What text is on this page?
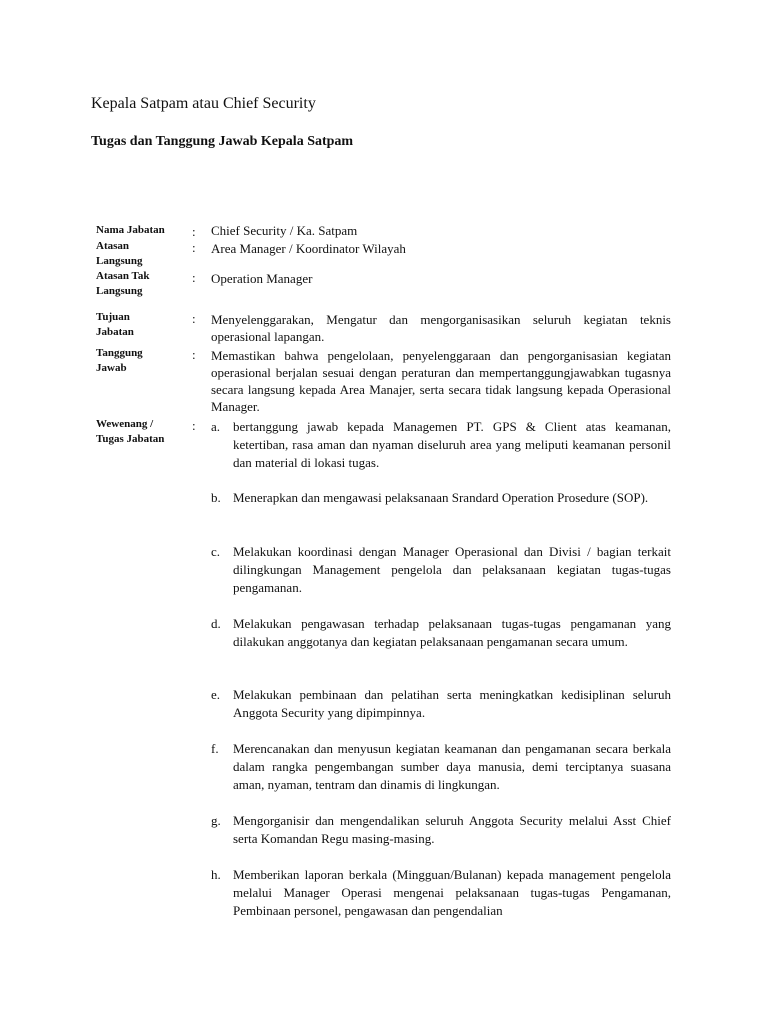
Kepala Satpam atau Chief Security
Tugas dan Tanggung Jawab Kepala Satpam
Nama Jabatan	: Chief Security / Ka. Satpam
Atasan
Langsung
: Area Manager / Koordinator Wilayah
Atasan Tak
Langsung
: Operation Manager
Tujuan
Jabatan
: Menyelenggarakan, Mengatur dan mengorganisasikan seluruh kegiatan teknis operasional lapangan.
Tanggung
Jawab
: Memastikan bahwa pengelolaan, penyelenggaraan dan pengorganisasian kegiatan operasional berjalan sesuai dengan peraturan dan mempertanggungjawabkan tugasnya secara langsung kepada Area Manajer, serta secara tidak langsung kepada Operasional Manager.
Wewenang /
Tugas Jabatan
: a. bertanggung jawab kepada Managemen PT. GPS & Client atas keamanan, ketertiban, rasa aman dan nyaman diseluruh area yang meliputi keamanan personil dan material di lokasi tugas.
b. Menerapkan dan mengawasi pelaksanaan Srandard Operation Prosedure (SOP).
c. Melakukan koordinasi dengan Manager Operasional dan Divisi / bagian terkait dilingkungan Management pengelola dan pelaksanaan kegiatan tugas-tugas pengamanan.
d. Melakukan pengawasan terhadap pelaksanaan tugas-tugas pengamanan yang dilakukan anggotanya dan kegiatan pelaksanaan pengamanan secara umum.
e. Melakukan pembinaan dan pelatihan serta meningkatkan kedisiplinan seluruh Anggota Security yang dipimpinnya.
f.	Merencanakan dan menyusun kegiatan keamanan dan pengamanan secara berkala dalam rangka pengembangan sumber daya manusia, demi terciptanya suasana aman, nyaman, tentram dan dinamis di lingkungan.
g. Mengorganisir dan mengendalikan seluruh Anggota Security melalui Asst Chief serta Komandan Regu masing-masing.
h. Memberikan laporan berkala (Mingguan/Bulanan) kepada management pengelola melalui Manager Operasi mengenai pelaksanaan tugas-tugas Pengamanan, Pembinaan personel, pengawasan dan pengendalian
